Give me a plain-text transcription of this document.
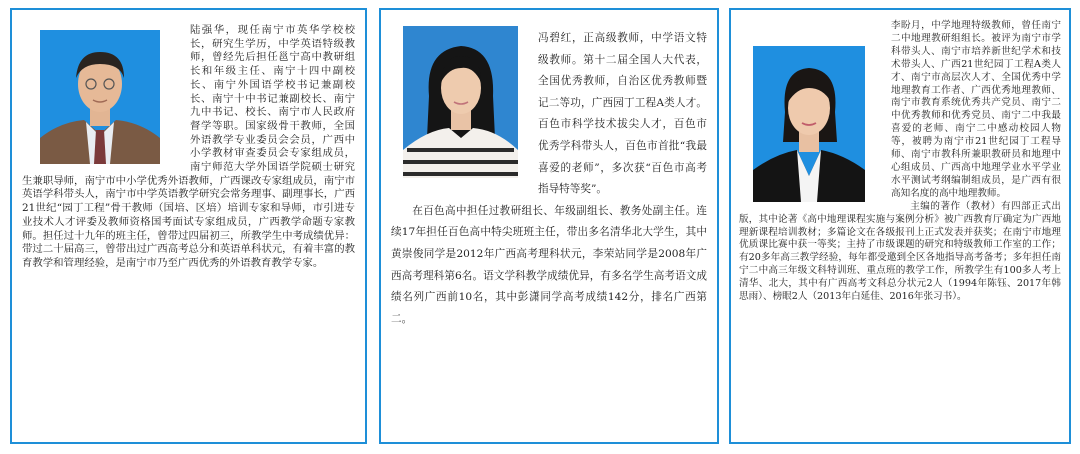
陆强华，现任南宁市英华学校校长，研究生学历，中学英语特级教师，曾经先后担任邕宁高中教研组长和年级主任、南宁十四中副校长、南宁外国语学校书记兼副校长、南宁十中书记兼副校长、南宁九中书记、校长、南宁市人民政府督学等职。国家级骨干教师，全国外语教学专业委员会会员，广西中小学教材审查委员会专家组成员，南宁师范大学外国语学院硕士研究生兼职导师，南宁市中小学优秀外语教师，广西课改专家组成员，南宁市英语学科带头人，南宁市中学英语教学研究会常务理事、副理事长，广西21世纪“园丁工程”骨干教师（国培、区培）培训专家和导师，市引进专业技术人才评委及教师资格国考面试专家组成员，广西教学命题专家教师。担任过十九年的班主任，曾带过四届初三，所教学生中考成绩优异：带过二十届高三，曾带出过广西高考总分和英语单科状元，有着丰富的教育教学和管理经验，是南宁市乃至广西优秀的外语教育教学专家。

冯碧红，正高级教师，中学语文特级教师。第十二届全国人大代表，全国优秀教师，自治区优秀教师暨记二等功，广西园丁工程A类人才。百色市科学技术拔尖人才，百色市优秀学科带头人，百色市首批“我最喜爱的老师”，多次获“百色市高考指导特等奖”。

在百色高中担任过教研组长、年级副组长、教务处副主任。连续17年担任百色高中特尖班班主任，带出多名清华北大学生，其中黄崇俊同学是2012年广西高考理科状元，李荣站同学是2008年广西高考理科第6名。语文学科教学成绩优异，有多名学生高考语文成绩名列广西前10名，其中彭潇同学高考成绩142分，排名广西第二。

李盼月，中学地理特级教师，曾任南宁二中地理教研组组长。被评为南宁市学科带头人、南宁市培养新世纪学术和技术带头人、广西21世纪园丁工程A类人才、南宁市高层次人才、全国优秀中学地理教育工作者、广西优秀地理教师、南宁市教育系统优秀共产党员、南宁二中优秀教师和优秀党员、南宁二中我最喜爱的老师、南宁二中感动校园人物等，被聘为南宁市21世纪园丁工程导师、南宁市教科所兼职教研员和地理中心组成员、广西高中地理学业水平学业水平测试考纲编制组成员，是广西有很高知名度的高中地理教师。

主编的著作（教材）有四部正式出版，其中论著《高中地理课程实施与案例分析》被广西教育厅确定为广西地理新课程培训教材；多篇论文在各级报刊上正式发表并获奖；在南宁市地理优质课比赛中获一等奖；主持了市级课题的研究和特级教师工作室的工作；有20多年高三教学经验，每年都受邀到全区各地指导高考备考；多年担任南宁二中高三年级文科特训班、重点班的教学工作，所教学生有100多人考上清华、北大，其中有广西高考文科总分状元2人（1994年陈钰、2017年韩思雨）、榜眼2人（2013年白延佳、2016年张习书）。
